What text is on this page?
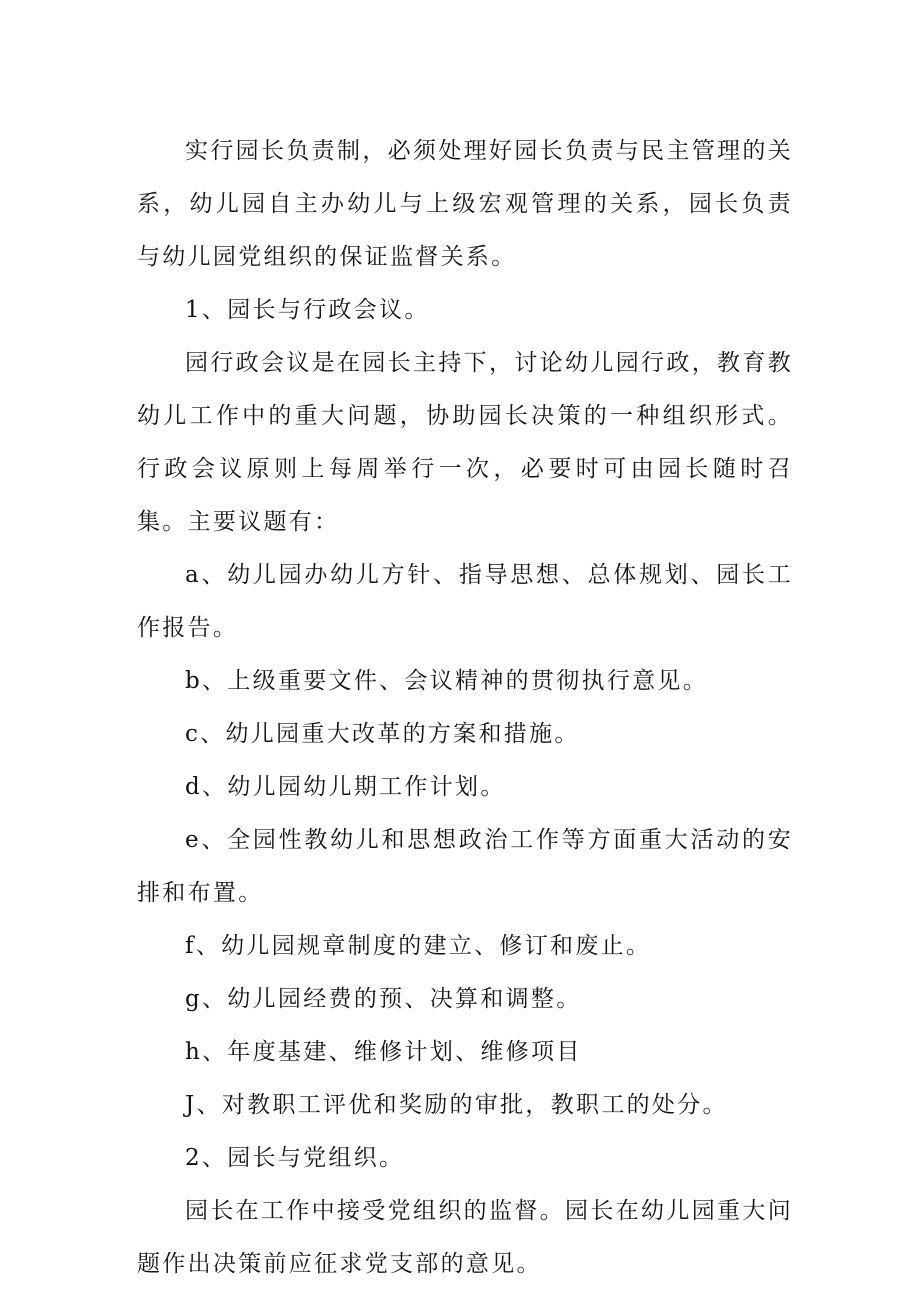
实行园长负责制，必须处理好园长负责与民主管理的关系，幼儿园自主办幼儿与上级宏观管理的关系，园长负责与幼儿园党组织的保证监督关系。

1、园长与行政会议。

园行政会议是在园长主持下，讨论幼儿园行政，教育教幼儿工作中的重大问题，协助园长决策的一种组织形式。行政会议原则上每周举行一次，必要时可由园长随时召集。主要议题有：

a、幼儿园办幼儿方针、指导思想、总体规划、园长工作报告。

b、上级重要文件、会议精神的贯彻执行意见。

c、幼儿园重大改革的方案和措施。

d、幼儿园幼儿期工作计划。

e、全园性教幼儿和思想政治工作等方面重大活动的安排和布置。

f、幼儿园规章制度的建立、修订和废止。

g、幼儿园经费的预、决算和调整。

h、年度基建、维修计划、维修项目

J、对教职工评优和奖励的审批，教职工的处分。

2、园长与党组织。

园长在工作中接受党组织的监督。园长在幼儿园重大问题作出决策前应征求党支部的意见。
